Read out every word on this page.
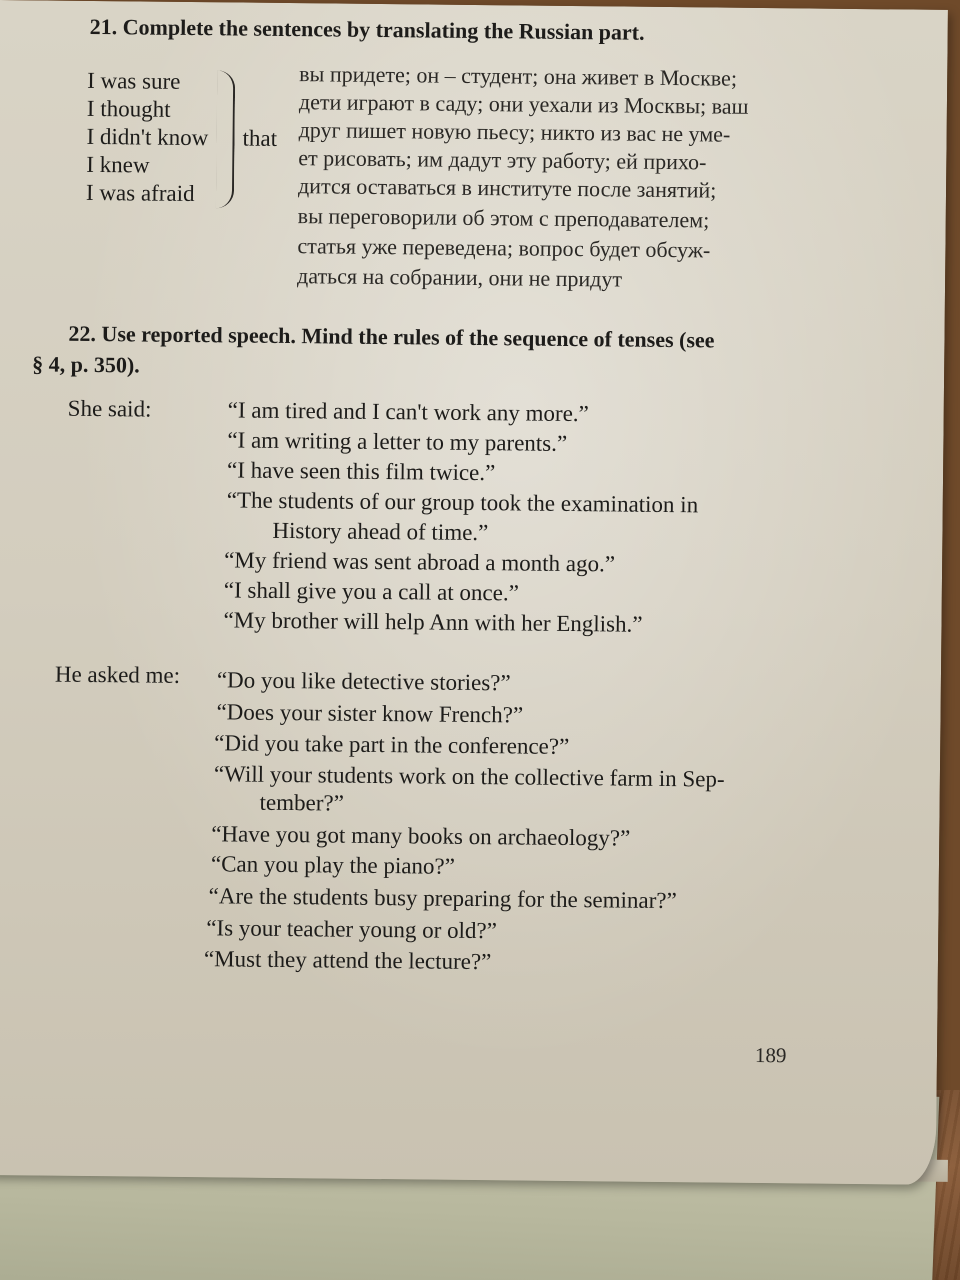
21. Complete the sentences by translating the Russian part.
I was sure
I thought
I didn't know
I knew
I was afraid
that
вы придете; он – студент; она живет в Москве;
дети играют в саду; они уехали из Москвы; ваш
друг пишет новую пьесу; никто из вас не уме-
ет рисовать; им дадут эту работу; ей прихо-
дится оставаться в институте после занятий;
вы переговорили об этом с преподавателем;
статья уже переведена; вопрос будет обсуж-
даться на собрании, они не придут
22. Use reported speech. Mind the rules of the sequence of tenses (see
§ 4, p. 350).
She said:	“I am tired and I can't work any more.”
“I am writing a letter to my parents.”
“I have seen this film twice.”
“The students of our group took the examination in
History ahead of time.”
“My friend was sent abroad a month ago.”
“I shall give you a call at once.”
“My brother will help Ann with her English.”
He asked me: “Do you like detective stories?”
“Does your sister know French?”
“Did you take part in the conference?”
“Will your students work on the collective farm in Sep-
tember?”
“Have you got many books on archaeology?”
“Can you play the piano?”
“Are the students busy preparing for the seminar?”
“Is your teacher young or old?”
“Must they attend the lecture?”
189
